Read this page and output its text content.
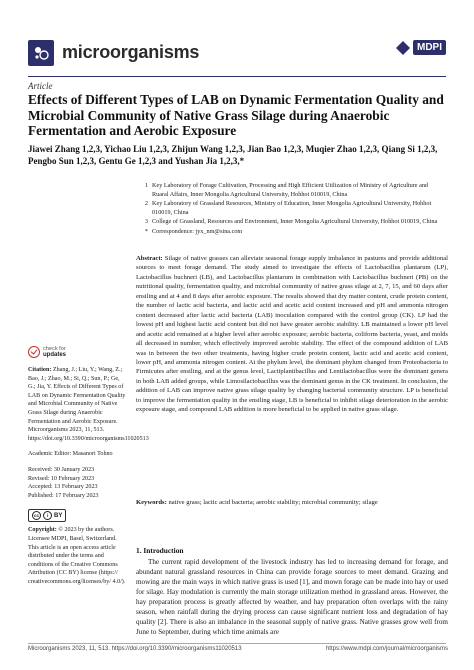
microorganisms	MDPI
Article
Effects of Different Types of LAB on Dynamic Fermentation Quality and Microbial Community of Native Grass Silage during Anaerobic Fermentation and Aerobic Exposure
Jiawei Zhang 1,2,3, Yichao Liu 1,2,3, Zhijun Wang 1,2,3, Jian Bao 1,2,3, Muqier Zhao 1,2,3, Qiang Si 1,2,3,
Pengbo Sun 1,2,3, Gentu Ge 1,2,3 and Yushan Jia 1,2,3,*
1 Key Laboratory of Forage Cultivation, Processing and High Efficient Utilization of Ministry of Agriculture and Ruaral Affairs, Inner Mongolia Agricultural University, Hohhot 010019, China
2 Key Laboratory of Grassland Resources, Ministry of Education, Inner Mongolia Agricultural University, Hohhot 010019, China
3 College of Grassland, Resources and Environment, Inner Mongolia Agricultural University, Hohhot 010019, China
* Correspondence: jyx_nm@sina.com
Abstract: Silage of native grasses can alleviate seasonal forage supply imbalance in pastures and provide additional sources to meet forage demand. The study aimed to investigate the effects of Lactobacillus plantarum (LP), Lactobacillus buchneri (LB), and Lactobacillus plantarum in combination with Lactobacillus buchneri (PB) on the nutritional quality, fermentation quality, and microbial community of native grass silage at 2, 7, 15, and 60 days after ensiling and at 4 and 8 days after aerobic exposure. The results showed that dry matter content, crude protein content, the number of lactic acid bacteria, and lactic acid and acetic acid content increased and pH and ammonia nitrogen content decreased after lactic acid bacteria (LAB) inoculation compared with the control group (CK). LP had the lowest pH and highest lactic acid content but did not have greater aerobic stability. LB maintained a lower pH level and acetic acid remained at a higher level after aerobic exposure; aerobic bacteria, coliform bacteria, yeast, and molds all decreased in number, which effectively improved aerobic stability. The effect of the compound addition of LAB was in between the two other treatments, having higher crude protein content, lactic acid and acetic acid content, lower pH, and ammonia nitrogen content. At the phylum level, the dominant phylum changed from Proteobacteria to Firmicutes after ensiling, and at the genus level, Lactiplantibacillus and Lentilactobacillus were the dominant genera in both LAB added groups, while Limosilactobacillus was the dominant genus in the CK treatment. In conclusion, the addition of LAB can improve native grass silage quality by changing bacterial community structure. LP is beneficial to improve the fermentation quality in the ensiling stage, LB is beneficial to inhibit silage deterioration in the aerobic exposure stage, and compound LAB addition is more beneficial to be applied in native grass silage.
Keywords: native grass; lactic acid bacteria; aerobic stability; microbial community; silage
check for
updates
Citation: Zhang, J.; Liu, Y.; Wang, Z.; Bao, J.; Zhao, M.; Si, Q.; Sun, P.; Ge, G.; Jia, Y. Effects of Different Types of LAB on Dynamic Fermentation Quality and Microbial Community of Native Grass Silage during Anaerobic Fermentation and Aerobic Exposure. Microorganisms 2023, 11, 513. https://doi.org/10.3390/microorganisms11020513
Academic Editor: Masanori Tohno
Received: 30 January 2023
Revised: 10 February 2023
Accepted: 13 February 2023
Published: 17 February 2023
cc	i BY
Copyright: © 2023 by the authors. Licensee MDPI, Basel, Switzerland. This article is an open access article distributed under the terms and conditions of the Creative Commons Attribution (CC BY) license (https:// creativecommons.org/licenses/by/ 4.0/).
1. Introduction

The current rapid development of the livestock industry has led to increasing demand for forage, and abundant natural grassland resources in China can provide forage sources to meet demand. Grazing and mowing are the main ways in which native grass is used [1], and mown forage can be made into hay or used for silage. Hay modulation is currently the main storage utilization method in grassland areas. However, the hay preparation process is greatly affected by weather, and hay preparation often overlaps with the rainy season, when rainfall during the drying process can cause significant nutrient loss and degradation of hay quality [2]. There is also an imbalance in the seasonal supply of native grass. Native grasses grow well from June to September, during which time animals are

Microorganisms 2023, 11, 513. https://doi.org/10.3390/microorganisms11020513	https://www.mdpi.com/journal/microorganisms
